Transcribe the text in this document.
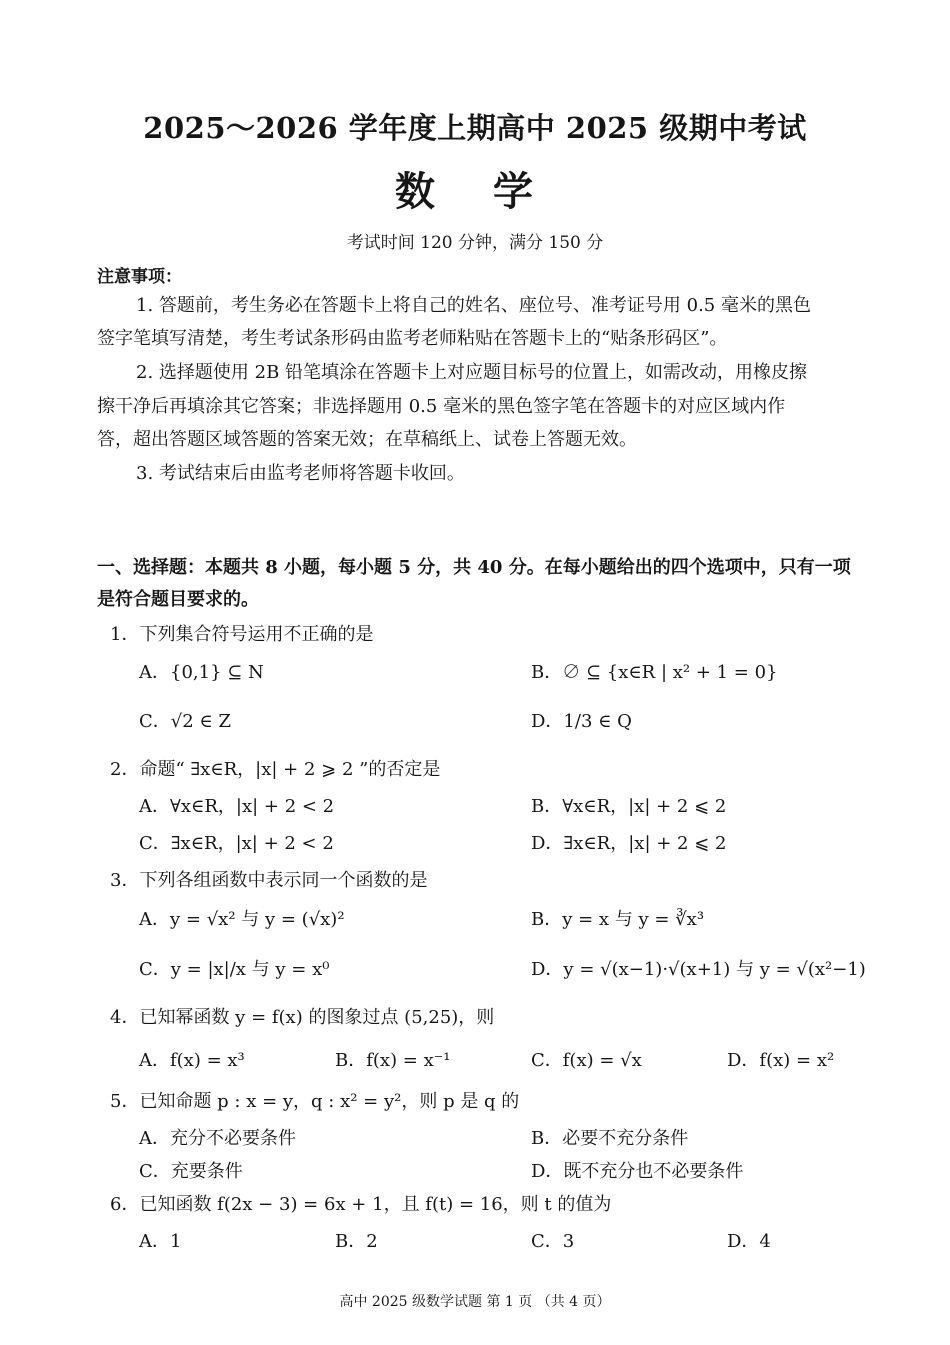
2025～2026 学年度上期高中 2025 级期中考试
数 学
考试时间 120 分钟，满分 150 分
注意事项：
1. 答题前，考生务必在答题卡上将自己的姓名、座位号、准考证号用 0.5 毫米的黑色
签字笔填写清楚，考生考试条形码由监考老师粘贴在答题卡上的“贴条形码区”。
2. 选择题使用 2B 铅笔填涂在答题卡上对应题目标号的位置上，如需改动，用橡皮擦
擦干净后再填涂其它答案；非选择题用 0.5 毫米的黑色签字笔在答题卡的对应区域内作
答，超出答题区域答题的答案无效；在草稿纸上、试卷上答题无效。
3. 考试结束后由监考老师将答题卡收回。
一、选择题：本题共 8 小题，每小题 5 分，共 40 分。在每小题给出的四个选项中，只有一项是符合题目要求的。
1．下列集合符号运用不正确的是
A．{0,1} ⊆ N	B．∅ ⊆ {x∈R | x² + 1 = 0}
C．√2 ∈ Z	D．1/3 ∈ Q
2．命题“ ∃x∈R，|x| + 2 ⩾ 2 ”的否定是
A．∀x∈R，|x| + 2 < 2	B．∀x∈R，|x| + 2 ⩽ 2
C．∃x∈R，|x| + 2 < 2	D．∃x∈R，|x| + 2 ⩽ 2
3．下列各组函数中表示同一个函数的是
A．y = √x² 与 y = (√x)²	B．y = x 与 y = ∛x³
C．y = |x|/x 与 y = x⁰	D．y = √(x−1)·√(x+1) 与 y = √(x²−1)
4．已知幂函数 y = f(x) 的图象过点 (5,25)，则
A．f(x) = x³	B．f(x) = x⁻¹	C．f(x) = √x	D．f(x) = x²
5．已知命题 p : x = y，q : x² = y²，则 p 是 q 的
A．充分不必要条件	B．必要不充分条件
C．充要条件	D．既不充分也不必要条件
6．已知函数 f(2x − 3) = 6x + 1，且 f(t) = 16，则 t 的值为
A．1	B．2	C．3	D．4
高中 2025 级数学试题 第 1 页 （共 4 页）
